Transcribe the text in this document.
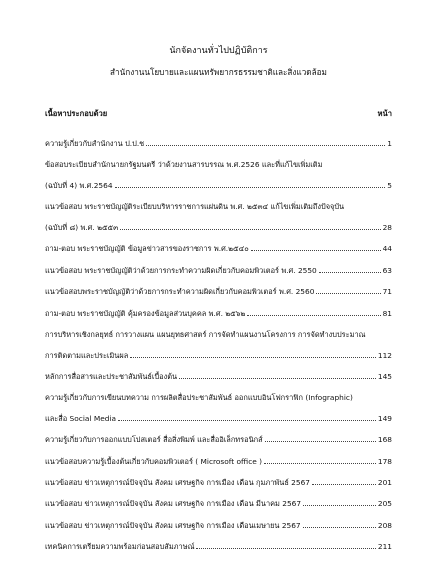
นักจัดงานทั่วไปปฏิบัติการ

สำนักงานนโยบายและแผนทรัพยากรธรรมชาติและสิ่งแวดล้อม

เนื้อหาประกอบด้วย	หน้า
ความรู้เกี่ยวกับสำนักงาน ป.ป.ช	1
ข้อสอบระเบียบสำนักนายกรัฐมนตรี ว่าด้วยงานสารบรรณ พ.ศ.2526 และที่แก้ไขเพิ่มเติม
(ฉบับที่ 4) พ.ศ.2564	5
แนวข้อสอบ พระราชบัญญัติระเบียบบริหารราชการแผ่นดิน พ.ศ. ๒๕๓๔ แก้ไขเพิ่มเติมถึงปัจจุบัน
(ฉบับที่ ๘) พ.ศ. ๒๕๕๓	28
ถาม-ตอบ พระราชบัญญัติ ข้อมูลข่าวสารของราชการ พ.ศ.๒๕๔๐	44
แนวข้อสอบ พระราชบัญญัติว่าด้วยการกระทำความผิดเกี่ยวกับคอมพิวเตอร์ พ.ศ. 2550	63
แนวข้อสอบพระราชบัญญัติว่าด้วยการกระทำความผิดเกี่ยวกับคอมพิวเตอร์ พ.ศ. 2560	71
ถาม-ตอบ พระราชบัญญัติ คุ้มครองข้อมูลส่วนบุคคล พ.ศ. ๒๕๖๒	81
การบริหารเชิงกลยุทธ์ การวางแผน แผนยุทธศาสตร์ การจัดทำแผนงานโครงการ การจัดทำงบประมาณ
การติดตามและประเมินผล	112
หลักการสื่อสารและประชาสัมพันธ์เบื้องต้น	145
ความรู้เกี่ยวกับการเขียนบทความ การผลิตสื่อประชาสัมพันธ์ ออกแบบอินโฟกราฟิก (Infographic)
และสื่อ Social Media	149
ความรู้เกี่ยวกับการออกแบบโปสเตอร์ สื่อสิ่งพิมพ์ และสื่ออิเล็กทรอนิกส์	168
แนวข้อสอบความรู้เบื้องต้นเกี่ยวกับคอมพิวเตอร์ ( Microsoft office )	178
แนวข้อสอบ ข่าวเหตุการณ์ปัจจุบัน สังคม เศรษฐกิจ การเมือง เดือน กุมภาพันธ์ 2567	201
แนวข้อสอบ ข่าวเหตุการณ์ปัจจุบัน สังคม เศรษฐกิจ การเมือง เดือน มีนาคม 2567	205
แนวข้อสอบ ข่าวเหตุการณ์ปัจจุบัน สังคม เศรษฐกิจ การเมือง เดือนเมษายน 2567	208
เทคนิคการเตรียมความพร้อมก่อนสอบสัมภาษณ์	211
